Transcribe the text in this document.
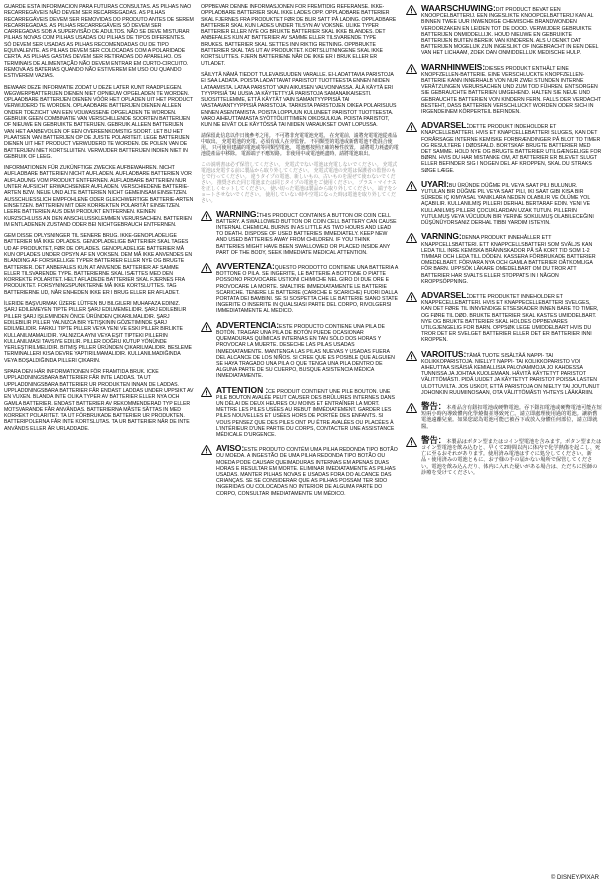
GUARDE ESTA INFORMACIÓN PARA FUTURAS CONSULTAS. AS PILHAS NÃO RECARREGÁVEIS NÃO DEVEM SER RECARREGADAS. AS PILHAS RECARREGÁVEIS DEVEM SER REMOVIDAS DO PRODUTO ANTES DE SEREM RECARREGADAS. AS PILHAS RECARREGÁVEIS SÓ DEVEM SER CARREGADAS SOB A SUPERVISÃO DE ADULTOS. NÃO SE DEVE MISTURAR PILHAS NOVAS COM PILHAS USADAS OU PILHAS DE TIPOS DIFERENTES. SÓ DEVEM SER USADAS AS PILHAS RECOMENDADAS OU DE TIPO EQUIVALENTE. AS PILHAS DEVEM SER COLOCADAS COM A POLARIDADE CERTA. AS PILHAS GASTAS DEVEM SER RETIRADAS DO APARELHO. OS TERMINAIS DE ALIMENTAÇÃO NÃO DEVEM ENTRAR EM CURTO-CIRCUITO. REMOVA AS BATERIAS QUANDO NÃO ESTIVEREM EM USO OU QUANDO ESTIVEREM VAZIAS.

BEWAAR DEZE INFORMATIE ZODAT U DEZE LATER KUNT RAADPLEGEN. WEGWERPBATTERIJEN DIENEN NIET OPNIEUW OPGELADEN TE WORDEN. OPLAADBARE BATTERIJEN DIENEN VÓÓR HET OPLADEN UIT HET PRODUCT VERWIJDERD TE WORDEN. OPLAADBARE BATTERIJEN DIENEN ALLEEN ONDER TOEZICHT VAN EEN VOLWASSENE OPGELADEN TE WORDEN. GEBRUIK GEEN COMBINATIE VAN VERSCHILLENDE SOORTEN BATTERIJEN OF NIEUWE EN GEBRUIKTE BATTERIJEN. GEBRUIK ALLEEN BATTERIJEN VAN HET AANBEVOLEN OF EEN OVEREENKOMSTIG SOORT. LET BIJ HET PLAATSEN VAN BATTERIJEN OP DE JUISTE POLARITEIT. LEGE BATTERIJEN DIENEN UIT HET PRODUCT VERWIJDERD TE WORDEN. DE POLEN VAN DE BATTERIJEN NIET KORTSLUITEN. VERWIJDER BATTERIJEN INDIEN NIET IN GEBRUIK OF LEEG.

INFORMATIONEN FÜR ZUKÜNFTIGE ZWECKE AUFBEWAHREN. NICHT AUFLADBARE BATTERIEN NICHT AUFLADEN. AUFLADBARE BATTERIEN VOR AUFLADUNG VOM PRODUKT ENTFERNEN. AUFLADBARE BATTERIEN NUR UNTER AUFSICHT ERWACHSENER AUFLADEN. VERSCHIEDENE BATTERIE-ARTEN BZW. NEUE UND ALTE BATTERIEN NICHT GEMEINSAM EINSETZEN. AUSSCHLIESSLICH EMPFOHLENE ODER GLEICHWERTIGE BATTERIE-ARTEN EINSETZEN. BATTERIEN MIT DER KORREKTEN POLARITÄT EINSETZEN. LEERE BATTERIEN AUS DEM PRODUKT ENTFERNEN. KEINEN KURZSCHLUSS AN DEN ANSCHLUSSKLEMMEN VERURSACHEN. BATTERIEN IM ENTLADENEN ZUSTAND ODER BEI NICHTGEBRAUCH ENTFERNEN.

GEM DISSE OPLYSNINGER TIL SENERE BRUG. IKKE-GENOPLADELIGE BATTERIER MÅ IKKE OPLADES. GENOPLADELIGE BATTERIER SKAL TAGES UD AF PRODUKTET, FØR DE OPLADES. GENOPLADELIGE BATTERIER MÅ KUN OPLADES UNDER OPSYN AF EN VOKSEN. DEM MÅ IKKE ANVENDES EN BLANDING AF FORSKELLIGE TYPER BATTERIER ELLER NYE OG BRUGTE BATTERIER. DET ANBEFALES KUN AT ANVENDE BATTERIER AF SAMME ELLER TILSVARENDE TYPE. BATTERIERNE SKAL ISÆTTES MED DEN KORREKTE POLARITET. HELT AFLADEDE BATTERIER SKAL FJERNES FRA PRODUKTET. FORSYNINGSPUNKTERNE MÅ IKKE KORTSLUTTES. TAG BATTERIERNE UD, NÅR ENHEDEN IKKE ER I BRUG ELLER ER AFLADET.

İLERIDE BAŞVURMAK ÜZERE LÜTFEN BU BILGILERI MUHAFAZA EDINIZ. ŞARJ EDILEMEYEN TIPTE PILLER ŞARJ EDILMEMELIDIR. ŞARJ EDILEBILIR PILLER ŞARJ IŞLEMINDEN ÖNCE ÜRÜNDEN ÇIKARILMALIDIR. ŞARJ EDILEBILIR PILLER YALNIZCA BIR YETIŞKININ GÖZETIMINDE ŞARJ EDILMELIDIR. FARKLI TIPTE PILLER VEYA YENI VE ESKI PILLER BIRLIKTE KULLANILMAMALIDIR. YALNIZCA AYNI VEYA EŞIT TIPTEKI PILLERIN KULLANILMASI TAVSIYE EDILIR. PILLER DOĞRU KUTUP YÖNÜNDE YERLEŞTIRILMELIDIR. BITMIŞ PILLER ÜRÜNDEN ÇIKARILMALIDIR. BESLEME TERMINALLERI KISA DEVRE YAPTIRILMAMALIDIR. KULLANILMADIĞINDA VEYA BOŞALDIĞINDA PILLERI ÇIKARIN.

SPARA DEN HÄR INFORMATIONEN FÖR FRAMTIDA BRUK. ICKE UPPLADDNINGSBARA BATTERIER FÅR INTE LADDAS. TA UT UPPLADDNINGSBARA BATTERIER UR PRODUKTEN INNAN DE LADDAS. UPPLADDNINGSBARA BATTERIER FÅR ENDAST LADDAS UNDER UPPSIKT AV EN VUXEN. BLANDA INTE OLIKA TYPER AV BATTERIER ELLER NYA OCH GAMLA BATTERIER. ENDAST BATTERIER AV REKOMMENDERAD TYP ELLER MOTSVARANDE FÅR ANVÄNDAS. BATTERIERNA MÅSTE SÄTTAS IN MED KORREKT POLARITET. TA UT FÖRBRUKADE BATTERIER UR PRODUKTEN. BATTERIPOLERNA FÅR INTE KORTSLUTAS. TA UR BATTERIER NÄR DE INTE ANVÄNDS ELLER ÄR URLADDADE.

OPPBEVAR DENNE INFORMASJONEN FOR FREMTIDIG REFERANSE. IKKE-OPPLADBARE BATTERIER SKAL IKKE LADES OPP. OPPLADBARE BATTERIER SKAL FJERNES FRA PRODUKTET FØR DE BLIR SATT PÅ LADING. OPPLADBARE BATTERIER SKAL KUN LADES UNDER TILSYN AV VOKSNE. ULIKE TYPER BATTERIER ELLER NYE OG BRUKTE BATTERIER SKAL IKKE BLANDES. DET ANBEFALES KUN AT BATTERIER AV SAMME ELLER TILSVARENDE TYPE BRUKES. BATTERIER SKAL SETTES INN RIKTIG RETNING. OPPBRUKTE BATTERIER SKAL TAS UT AV PRODUKTET. KORTSLUTNINGENE SKAL IKKE KORTSLUTTES. FJERN BATTERIENE NÅR DE IKKE ER I BRUK ELLER ER UTLADET.

SÄILYTÄ NÄMÄ TIEDOT TULEVAISUUDEN VARALLE. EI-LADATTAVIA PARISTOJA EI SAA LADATA. POISTA LADATTAVAT PARISTOT TUOTTEESTA ENNEN NIIDEN LATAAMISTA. LATAA PARISTOT VAIN AIKUISEN VALVONNASSA. ÄLÄ KÄYTÄ ERI TYYPPISIÄ TAI UUSIA JA KÄYTETTYJÄ PARISTOJA SAMANAIKAISESTI. SUOSITTELEMME, ETTÄ KÄYTÄT VAIN SAMANTYYPPISIÄ TAI VASTAAVANTYYPPISIÄ PARISTOJA. TARKISTA PARISTOJEN OIKEA POLARISUUS ENNEN ASENTAMISTA. POISTA LOPPUUN KULUNEET PARISTOT TUOTTEESTA. VARO AIHEUTTAMASTA SYÖTTÖLIITTIMIEN OIKOSULKUA. POISTA PARISTOT, KUN NE EIVÄT OLE KÄYTÖSSÄ TAI NIIDEN VARAUKSET OVAT LOPUSSA.

請保留此信息以作日後參考之用。 不可將非充電電池充電。 在充電前，請將充電電池從產品中取出。 充電電池的充電，必須有成人在旁監督。 不同類型的電池或新舊電池不能混合使用。 只可使用建議的電池或等同類型電池。 電池應按照正確的極性放置。 請將電力耗盡的電池從產品中移除。 電源端子不應短路。 非使用中或電池耗盡時，請將電池取出。

この説明書は必ず保管してください。 充電式でない電池は充電しないでください。 充電式電池は充電する前に製品から取り外してください。 充電式電池の充電は保護者の監督のもとで行ってください。 違うタイプの電池、新しいもの、古いものを混ぜて使わないでください。 推奨された同じ電池または同じタイプの電池をご使用ください。 プラス・マイナスを正しくセットしてください。 使い切った電池は製品から取り外してください。 端子をショートさせないでください。 使用していない時や空電になった時は電池を取り外してください。

WARNING:THIS PRODUCT CONTAINS A BUTTON OR COIN CELL BATTERY. A SWALLOWED BUTTON OR COIN CELL BATTERY CAN CAUSE INTERNAL CHEMICAL BURNS IN AS LITTLE AS TWO HOURS AND LEAD TO DEATH. DISPOSE OF USED BATTERIES IMMEDIATELY. KEEP NEW AND USED BATTERIES AWAY FROM CHILDREN. IF YOU THINK BATTERIES MIGHT HAVE BEEN SWALLOWED OR PLACED INSIDE ANY PART OF THE BODY, SEEK IMMEDIATE MEDICAL ATTENTION.
AVVERTENZA:QUESTO PRODOTTO CONTIENE UNA BATTERIA A BOTTONE O PILA. SE INGERITE, LE BATTERIE A BOTTONE O PIATTE POSSONO PROVOCARE USTIONI CHIMICHE NEL GIRO DI DUE ORE E PROVOCARE LA MORTE. SMALTIRE IMMEDIATAMENTE LE BATTERIE SCARICHE. TENERE LE BATTERIE (CARICHE E SCARICHE) FUORI DALLA PORTATA DEI BAMBINI. SE SI SOSPETTA CHE LE BATTERIE SIANO STATE INGERITE O INSERITE IN QUALSIASI PARTE DEL CORPO, RIVOLGERSI IMMEDIATAMENTE AL MEDICO.
ADVERTENCIA:ESTE PRODUCTO CONTIENE UNA PILA DE BOTÓN. TRAGAR UNA PILA DE BOTÓN PUEDE OCASIONAR QUEMADURAS QUÍMICAS INTERNAS EN TAN SÓLO DOS HORAS Y PROVOCAR LA MUERTE. DESECHE LAS PILAS USADAS INMEDIATAMENTE. MANTENGA LAS PILAS NUEVAS Y USADAS FUERA DEL ALCANCE DE LOS NIÑOS. SI CREE QUE ES POSIBLE QUE ALGUIEN SE HAYA TRAGADO UNA PILA O QUE TENGA UNA PILA DENTRO DE ALGUNA PARTE DE SU CUERPO, BUSQUE ASISTENCIA MÉDICA INMEDIATAMENTE.
ATTENTION :CE PRODUIT CONTIENT UNE PILE BOUTON. UNE PILE BOUTON AVALÉE PEUT CAUSER DES BRÛLURES INTERNES DANS UN DÉLAI DE DEUX HEURES OU MOINS ET ENTRAÎNER LA MORT. METTRE LES PILES USÉES AU REBUT IMMÉDIATEMENT. GARDER LES PILES NOUVELLES ET USÉES HORS DE PORTÉE DES ENFANTS. SI VOUS PENSEZ QUE DES PILES ONT PU ÊTRE AVALÉES OU PLACÉES À L'INTÉRIEUR D'UNE PARTIE DU CORPS, CONTACTER UNE ASSISTANCE MÉDICALE D'URGENCE.
AVISO:ESTE PRODUTO CONTÉM UMA PILHA REDONDA TIPO BOTÃO OU MOEDA. A INGESTÃO DE UMA PILHA REDONDA TIPO BOTÃO OU MOEDA PODE CAUSAR QUEIMADURAS INTERNAS EM APENAS DUAS HORAS E RESULTAR EM MORTE. ELIMINAR IMEDIATAMENTE AS PILHAS USADAS. MANTER PILHAS NOVAS E USADAS FORA DO ALCANCE DAS CRIANÇAS. SE SE CONSIDERAR QUE AS PILHAS POSSAM TER SIDO INGERIDAS OU COLOCADAS NO INTERIOR DE ALGUMA PARTE DO CORPO, CONSULTAR IMEDIATAMENTE UM MÉDICO.
WAARSCHUWING:DIT PRODUCT BEVAT EEN KNOOPCELBATTERIJ. EEN INGESLIKTE KNOOPCELBATTERIJ KAN AL BINNEN TWEE UUR INWENDIGE CHEMISCHE BRANDWONDEN VEROORZAKEN EN LEIDEN TOT DE DOOD. VERWIJDER GEBRUIKTE BATTERIJEN ONMIDDELLIJK. HOUD NIEUWE EN GEBRUIKTE BATTERIJEN BUITEN BEREIK VAN KINDEREN. ALS U DENKT DAT BATTERIJEN MOGELIJK ZIJN INGESLIKT OF INGEBRACHT IN EEN DEEL VAN HET LICHAAM, ZOEK DAN ONMIDDELLIJK MEDISCHE HULP.
WARNHINWEIS:DIESES PRODUKT ENTHÄLT EINE KNOPFZELLEN-BATTERIE. EINE VERSCHLUCKTE KNOPFZELLEN-BATTERIE KANN INNERHALB VON NUR ZWEI STUNDEN INTERNE VERÄTZUNGEN VERURSACHEN UND ZUM TOD FÜHREN. ENTSORGEN SIE GEBRAUCHTE BATTERIEN UMGEHEND. HALTEN SIE NEUE UND GEBRAUCHTE BATTERIEN VON KINDERN FERN. FALLS DER VERDACHT BESTEHT, DASS BATTERIEN VERSCHLUCKT WORDEN ODER SICH IN IRGENDEINEM KÖRPERTEIL BEFINDEN.
ADVARSEL:DETTE PRODUKT INDEHOLDER ET KNAPCELLEBATTERI. HVIS ET KNAPCELLEBATTERI SLUGES, KAN DET FORÅRSAGE INTERNE KEMISKE FORBRÆNDINGER PÅ BLOT TO TIMER OG RESULTERE I DØDSFALD. BORTSKAF BRUGTE BATTERIER MED DET SAMME. HOLD NYE OG BRUGTE BATTERIER UTILGÆNGELIGE FOR BØRN. HVIS DU HAR MISTANKE OM, AT BATTERIER ER BLEVET SLUGT ELLER BEFINDER SIG I NOGEN DEL AF KROPPEN, SKAL DU STRAKS SØGE LÆGE.
UYARI:BU ÜRÜNDE DÜĞME PIL VEYA SAAT PILI BULUNUR. YUTULAN BIR DÜĞME PIL VEYA SAAT PILI, IKI SAAT GIBI KISA BIR SÜREDE IÇ KIMYASAL YANIKLARA NEDEN OLABILIR VE ÖLÜME YOL AÇABILIR. KULLANILMIŞ PILLERI DERHAL BERTARAF EDIN. YENI VE KULLANILMIŞ PILLERI ÇOCUKLARDAN UZAK TUTUN. PILLERIN YUTULMUŞ VEYA VÜCUDUN BIR YERINE SOKULMUŞ OLABILECEĞINI DÜŞÜNÜYORSANIZ DERHAL TIBBI YARDIM ISTEYIN.
VARNING:DENNA PRODUKT INNEHÅLLER ETT KNAPPCELLSBATTERI. ETT KNAPPCELLSBATTERI SOM SVÄLJS KAN LEDA TILL INRE KEMISKA BRÄNNSKADOR PÅ SÅ KORT TID SOM 1-2 TIMMAR OCH LEDA TILL DÖDEN. KASSERA FÖRBRUKADE BATTERIER OMEDELBART. FÖRVARA NYA OCH GAMLA BATTERIER OÅTKOMLIGA FÖR BARN. UPPSÖK LÄKARE OMEDELBART OM DU TROR ATT BATTERIER HAR SVALTS ELLER STOPPATS IN I NÅGON KROPPSÖPPNING.
ADVARSEL:DETTE PRODUKTET INNEHOLDER ET KNAPPECELLEBATTERI. HVIS ET KNAPPECELLEBATTERI SVELGES, KAN DET FØRE TIL INNVENDIGE ETSESKADER INNEN BARE TO TIMER, OG FØRE TIL DØD. BRUKTE BATTERIER SKAL KASTES UMIDDELBART. NYE OG BRUKTE BATTERIER SKAL HOLDES OPPBEVARES UTILGJENGELIG FOR BARN. OPPSØK LEGE UMIDDELBART HVIS DU TROR DET ER SVELGET BATTERIER ELLER DET ER BATTERIER INNI KROPPEN.
VAROITUS:TÄMÄ TUOTE SISÄLTÄÄ NAPPI- TAI KOLIKKOPARISTOJA. NIELLYT NAPPI- TAI KOLIKKOPARISTO VOI AIHEUTTAA SISÄISIÄ KEMIALLISIA PALOVAMMOJA JO KAHDESSA TUNNISSA JA JOHTAA KUOLEMAAN. HÄVITÄ KÄYTETYT PARISTOT VÄLITTÖMÄSTI. PIDÄ UUDET JA KÄYTETYT PARISTOT POISSA LASTEN ULOTTUVILTA. JOS USKOT, ETTÄ PARISTOJA ON NIELTY TAI JOUTUNUT JOHONKIN RUUMIINOSAAN, OTA VÄLITTÖMÄSTI YHTEYS LÄÄKÄRIIN.
警告：本產品含有鈕扣電池或硬幣電池。吞下鈕扣電池或硬幣電池可能在短短兩小時內導致體內化學燒傷並導致死亡。請立即處理使用過的電池。讓新舊電池遠離兒童。如果您認為電池可能已被吞下或放入身體任何部位，請立即就醫。
警告：本製品はボタン型またはコイン型電池を含みます。ボタン型またはコイン型電池を飲み込むと、早くて2時間以内に体内で化学熱傷を起こし、死亡に至るおそれがあります。使用済み電池はすぐに処分してください。新品・使用済みの電池ともに、お子様の手の届かない場所で保管してください。電池を飲み込んだり、体内に入れた疑いがある場合は、ただちに医師の診療を受けてください。
© DISNEY/PIXAR
